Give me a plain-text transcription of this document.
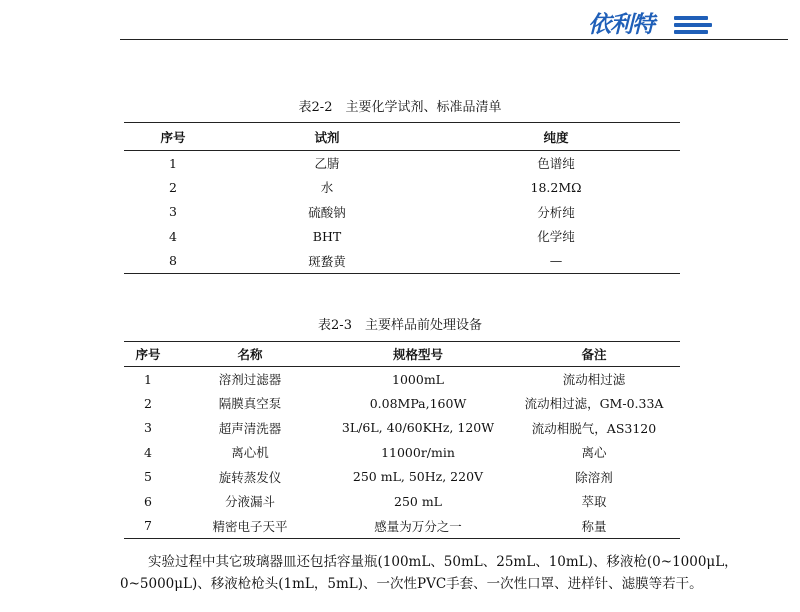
依利特
表2-2　主要化学试剂、标准品清单
序号	试剂	纯度
1	乙腈	色谱纯
2	水	18.2MΩ
3	硫酸钠	分析纯
4	BHT	化学纯
8	斑蝥黄	—
表2-3　主要样品前处理设备
序号	名称	规格型号	备注
1	溶剂过滤器	1000mL	流动相过滤
2	隔膜真空泵	0.08MPa,160W	流动相过滤，GM-0.33A
3	超声清洗器	3L/6L, 40/60KHz, 120W	流动相脱气，AS3120
4	离心机	11000r/min	离心
5	旋转蒸发仪	250 mL, 50Hz, 220V	除溶剂
6	分液漏斗	250 mL	萃取
7	精密电子天平	感量为万分之一	称量
实验过程中其它玻璃器皿还包括容量瓶(100mL、50mL、25mL、10mL)、移液枪(0~1000μL，
0~5000μL)、移液枪枪头(1mL，5mL)、一次性PVC手套、一次性口罩、进样针、滤膜等若干。
